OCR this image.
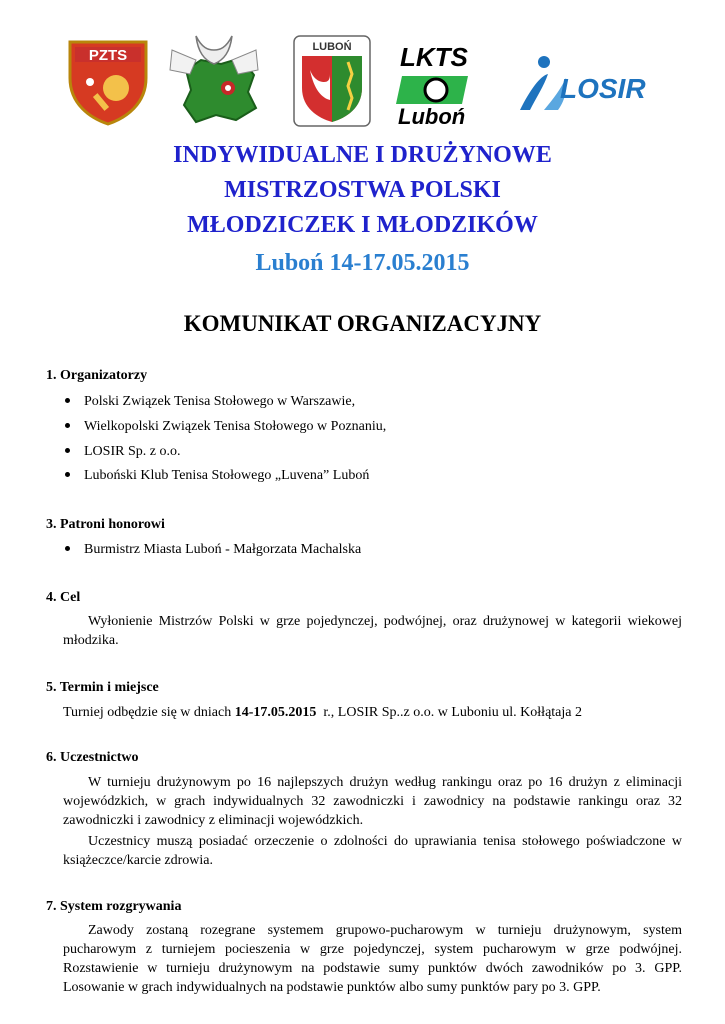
PZTS	LUBOŃ LKTS
Luboń
LOSIR
INDYWIDUALNE I DRUŻYNOWE
MISTRZOSTWA POLSKI
MŁODZICZEK I MŁODZIKÓW
Luboń 14-17.05.2015
KOMUNIKAT ORGANIZACYJNY
1. Organizatorzy
Polski Związek Tenisa Stołowego w Warszawie,
Wielkopolski Związek Tenisa Stołowego w Poznaniu,
LOSIR Sp. z o.o.
Luboński Klub Tenisa Stołowego „Luvena” Luboń
3. Patroni honorowi
Burmistrz Miasta Luboń - Małgorzata Machalska
4. Cel
Wyłonienie Mistrzów Polski w grze pojedynczej, podwójnej, oraz drużynowej w kategorii wiekowej młodzika.
5. Termin i miejsce
Turniej odbędzie się w dniach 14-17.05.2015  r., LOSIR Sp..z o.o. w Luboniu ul. Kołłątaja 2
6. Uczestnictwo
W turnieju drużynowym po 16 najlepszych drużyn według rankingu oraz po 16 drużyn z eliminacji wojewódzkich, w grach indywidualnych 32 zawodniczki i zawodnicy na podstawie rankingu oraz 32 zawodniczki i zawodnicy z eliminacji wojewódzkich.
Uczestnicy muszą posiadać orzeczenie o zdolności do uprawiania tenisa stołowego poświadczone w książeczce/karcie zdrowia.
7. System rozgrywania
Zawody zostaną rozegrane systemem grupowo-pucharowym w turnieju drużynowym, system pucharowym z turniejem pocieszenia w grze pojedynczej, system pucharowym w grze podwójnej. Rozstawienie w turnieju drużynowym na podstawie sumy punktów dwóch zawodników po 3. GPP. Losowanie w grach indywidualnych na podstawie punktów albo sumy punktów pary po 3. GPP.
